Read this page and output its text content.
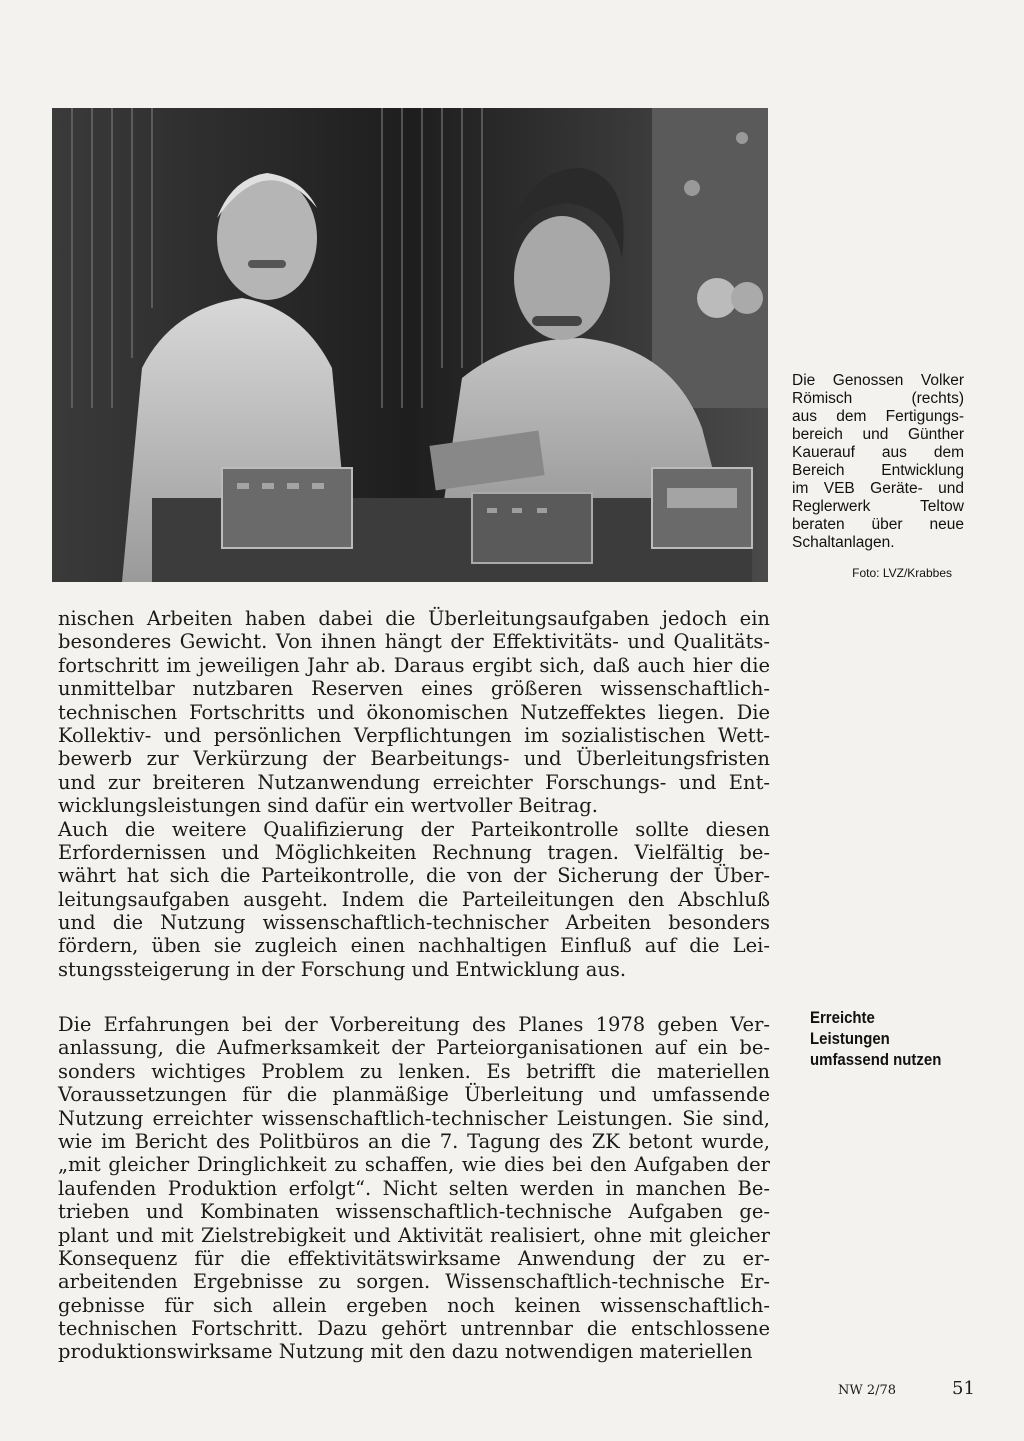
Die Genossen Volker
Römisch (rechts)
aus dem Fertigungs-
bereich und Günther
Kauerauf aus dem
Bereich Entwicklung
im VEB Geräte- und
Reglerwerk Teltow
beraten über neue
Schaltanlagen.
Foto: LVZ/Krabbes
nischen Arbeiten haben dabei die Überleitungsaufgaben jedoch ein
besonderes Gewicht. Von ihnen hängt der Effektivitäts- und Qualitäts-
fortschritt im jeweiligen Jahr ab. Daraus ergibt sich, daß auch hier die
unmittelbar nutzbaren Reserven eines größeren wissenschaftlich-
technischen Fortschritts und ökonomischen Nutzeffektes liegen. Die
Kollektiv- und persönlichen Verpflichtungen im sozialistischen Wett-
bewerb zur Verkürzung der Bearbeitungs- und Überleitungsfristen
und zur breiteren Nutzanwendung erreichter Forschungs- und Ent-
wicklungsleistungen sind dafür ein wertvoller Beitrag.
Auch die weitere Qualifizierung der Parteikontrolle sollte diesen
Erfordernissen und Möglichkeiten Rechnung tragen. Vielfältig be-
währt hat sich die Parteikontrolle, die von der Sicherung der Über-
leitungsaufgaben ausgeht. Indem die Parteileitungen den Abschluß
und die Nutzung wissenschaftlich-technischer Arbeiten besonders
fördern, üben sie zugleich einen nachhaltigen Einfluß auf die Lei-
stungssteigerung in der Forschung und Entwicklung aus.
Die Erfahrungen bei der Vorbereitung des Planes 1978 geben Ver-
anlassung, die Aufmerksamkeit der Parteiorganisationen auf ein be-
sonders wichtiges Problem zu lenken. Es betrifft die materiellen
Voraussetzungen für die planmäßige Überleitung und umfassende
Nutzung erreichter wissenschaftlich-technischer Leistungen. Sie sind,
wie im Bericht des Politbüros an die 7. Tagung des ZK betont wurde,
„mit gleicher Dringlichkeit zu schaffen, wie dies bei den Aufgaben der
laufenden Produktion erfolgt“. Nicht selten werden in manchen Be-
trieben und Kombinaten wissenschaftlich-technische Aufgaben ge-
plant und mit Zielstrebigkeit und Aktivität realisiert, ohne mit gleicher
Konsequenz für die effektivitätswirksame Anwendung der zu er-
arbeitenden Ergebnisse zu sorgen. Wissenschaftlich-technische Er-
gebnisse für sich allein ergeben noch keinen wissenschaftlich-
technischen Fortschritt. Dazu gehört untrennbar die entschlossene
produktionswirksame Nutzung mit den dazu notwendigen materiellen
Erreichte
Leistungen
umfassend nutzen
NW 2/78	51
